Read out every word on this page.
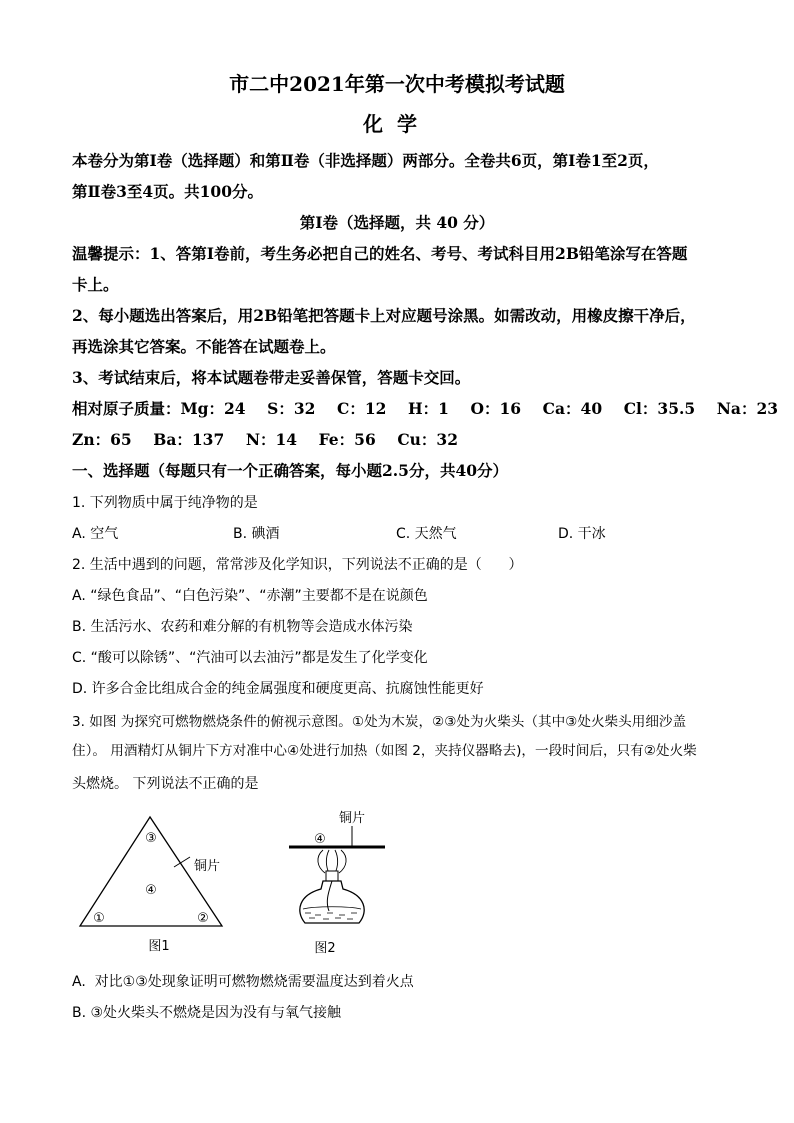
市二中2021年第一次中考模拟考试题
化学
本卷分为第Ⅰ卷（选择题）和第Ⅱ卷（非选择题）两部分。全卷共6页，第Ⅰ卷1至2页，
第Ⅱ卷3至4页。共100分。
第Ⅰ卷（选择题，共 40 分）
温馨提示：1、答第Ⅰ卷前，考生务必把自己的姓名、考号、考试科目用2B铅笔涂写在答题
卡上。
2、每小题选出答案后，用2B铅笔把答题卡上对应题号涂黑。如需改动，用橡皮擦干净后，
再选涂其它答案。不能答在试题卷上。
3、考试结束后，将本试题卷带走妥善保管，答题卡交回。
相对原子质量：Mg：24    S：32    C：12    H：1    O：16    Ca：40    Cl：35.5    Na：23
Zn：65    Ba：137    N：14    Fe：56    Cu：32
一、选择题（每题只有一个正确答案，每小题2.5分，共40分）
1. 下列物质中属于纯净物的是
A. 空气	B. 碘酒	C. 天然气	D. 干冰
2. 生活中遇到的问题，常常涉及化学知识，下列说法不正确的是（      ）
A. “绿色食品”、“白色污染”、“赤潮”主要都不是在说颜色
B. 生活污水、农药和难分解的有机物等会造成水体污染
C. “酸可以除锈”、“汽油可以去油污”都是发生了化学变化
D. 许多合金比组成合金的纯金属强度和硬度更高、抗腐蚀性能更好
3. 如图 为探究可燃物燃烧条件的俯视示意图。①处为木炭，②③处为火柴头（其中③处火柴头用细沙盖
住）。 用酒精灯从铜片下方对准中心④处进行加热（如图 2，夹持仪器略去)，一段时间后，只有②处火柴
头燃烧。 下列说法不正确的是
③
④
①	②
铜片
图1
铜片
④
图2
A.  对比①③处现象证明可燃物燃烧需要温度达到着火点
B. ③处火柴头不燃烧是因为没有与氧气接触
